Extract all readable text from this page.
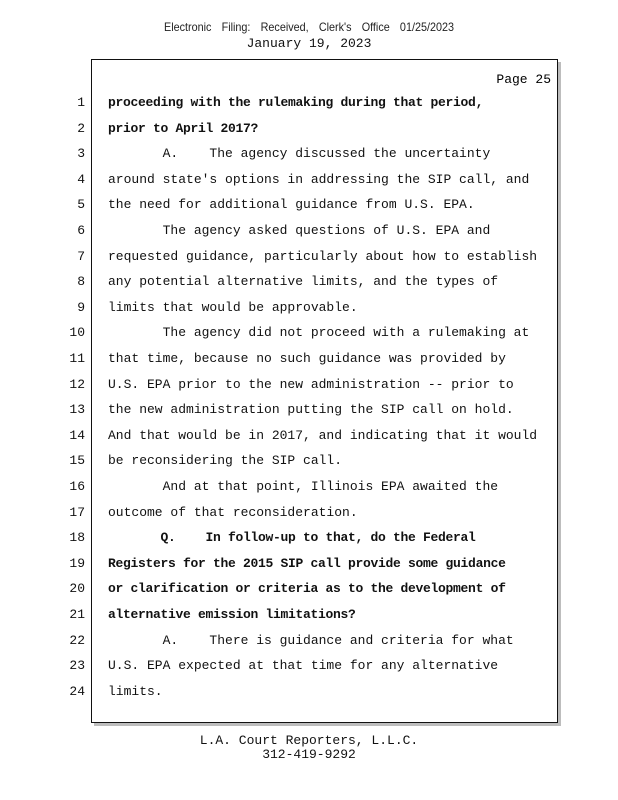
Electronic Filing: Received, Clerk's Office 01/25/2023
January 19, 2023
Page 25
1 proceeding with the rulemaking during that period,
2 prior to April 2017?
3 A.    The agency discussed the uncertainty
4 around state's options in addressing the SIP call, and
5 the need for additional guidance from U.S. EPA.
6 The agency asked questions of U.S. EPA and
7 requested guidance, particularly about how to establish
8 any potential alternative limits, and the types of
9 limits that would be approvable.
10 The agency did not proceed with a rulemaking at
11 that time, because no such guidance was provided by
12 U.S. EPA prior to the new administration -- prior to
13 the new administration putting the SIP call on hold.
14 And that would be in 2017, and indicating that it would
15 be reconsidering the SIP call.
16 And at that point, Illinois EPA awaited the
17 outcome of that reconsideration.
18 Q.    In follow-up to that, do the Federal
19 Registers for the 2015 SIP call provide some guidance
20 or clarification or criteria as to the development of
21 alternative emission limitations?
22 A.    There is guidance and criteria for what
23 U.S. EPA expected at that time for any alternative
24 limits.
L.A. Court Reporters, L.L.C.
312-419-9292
